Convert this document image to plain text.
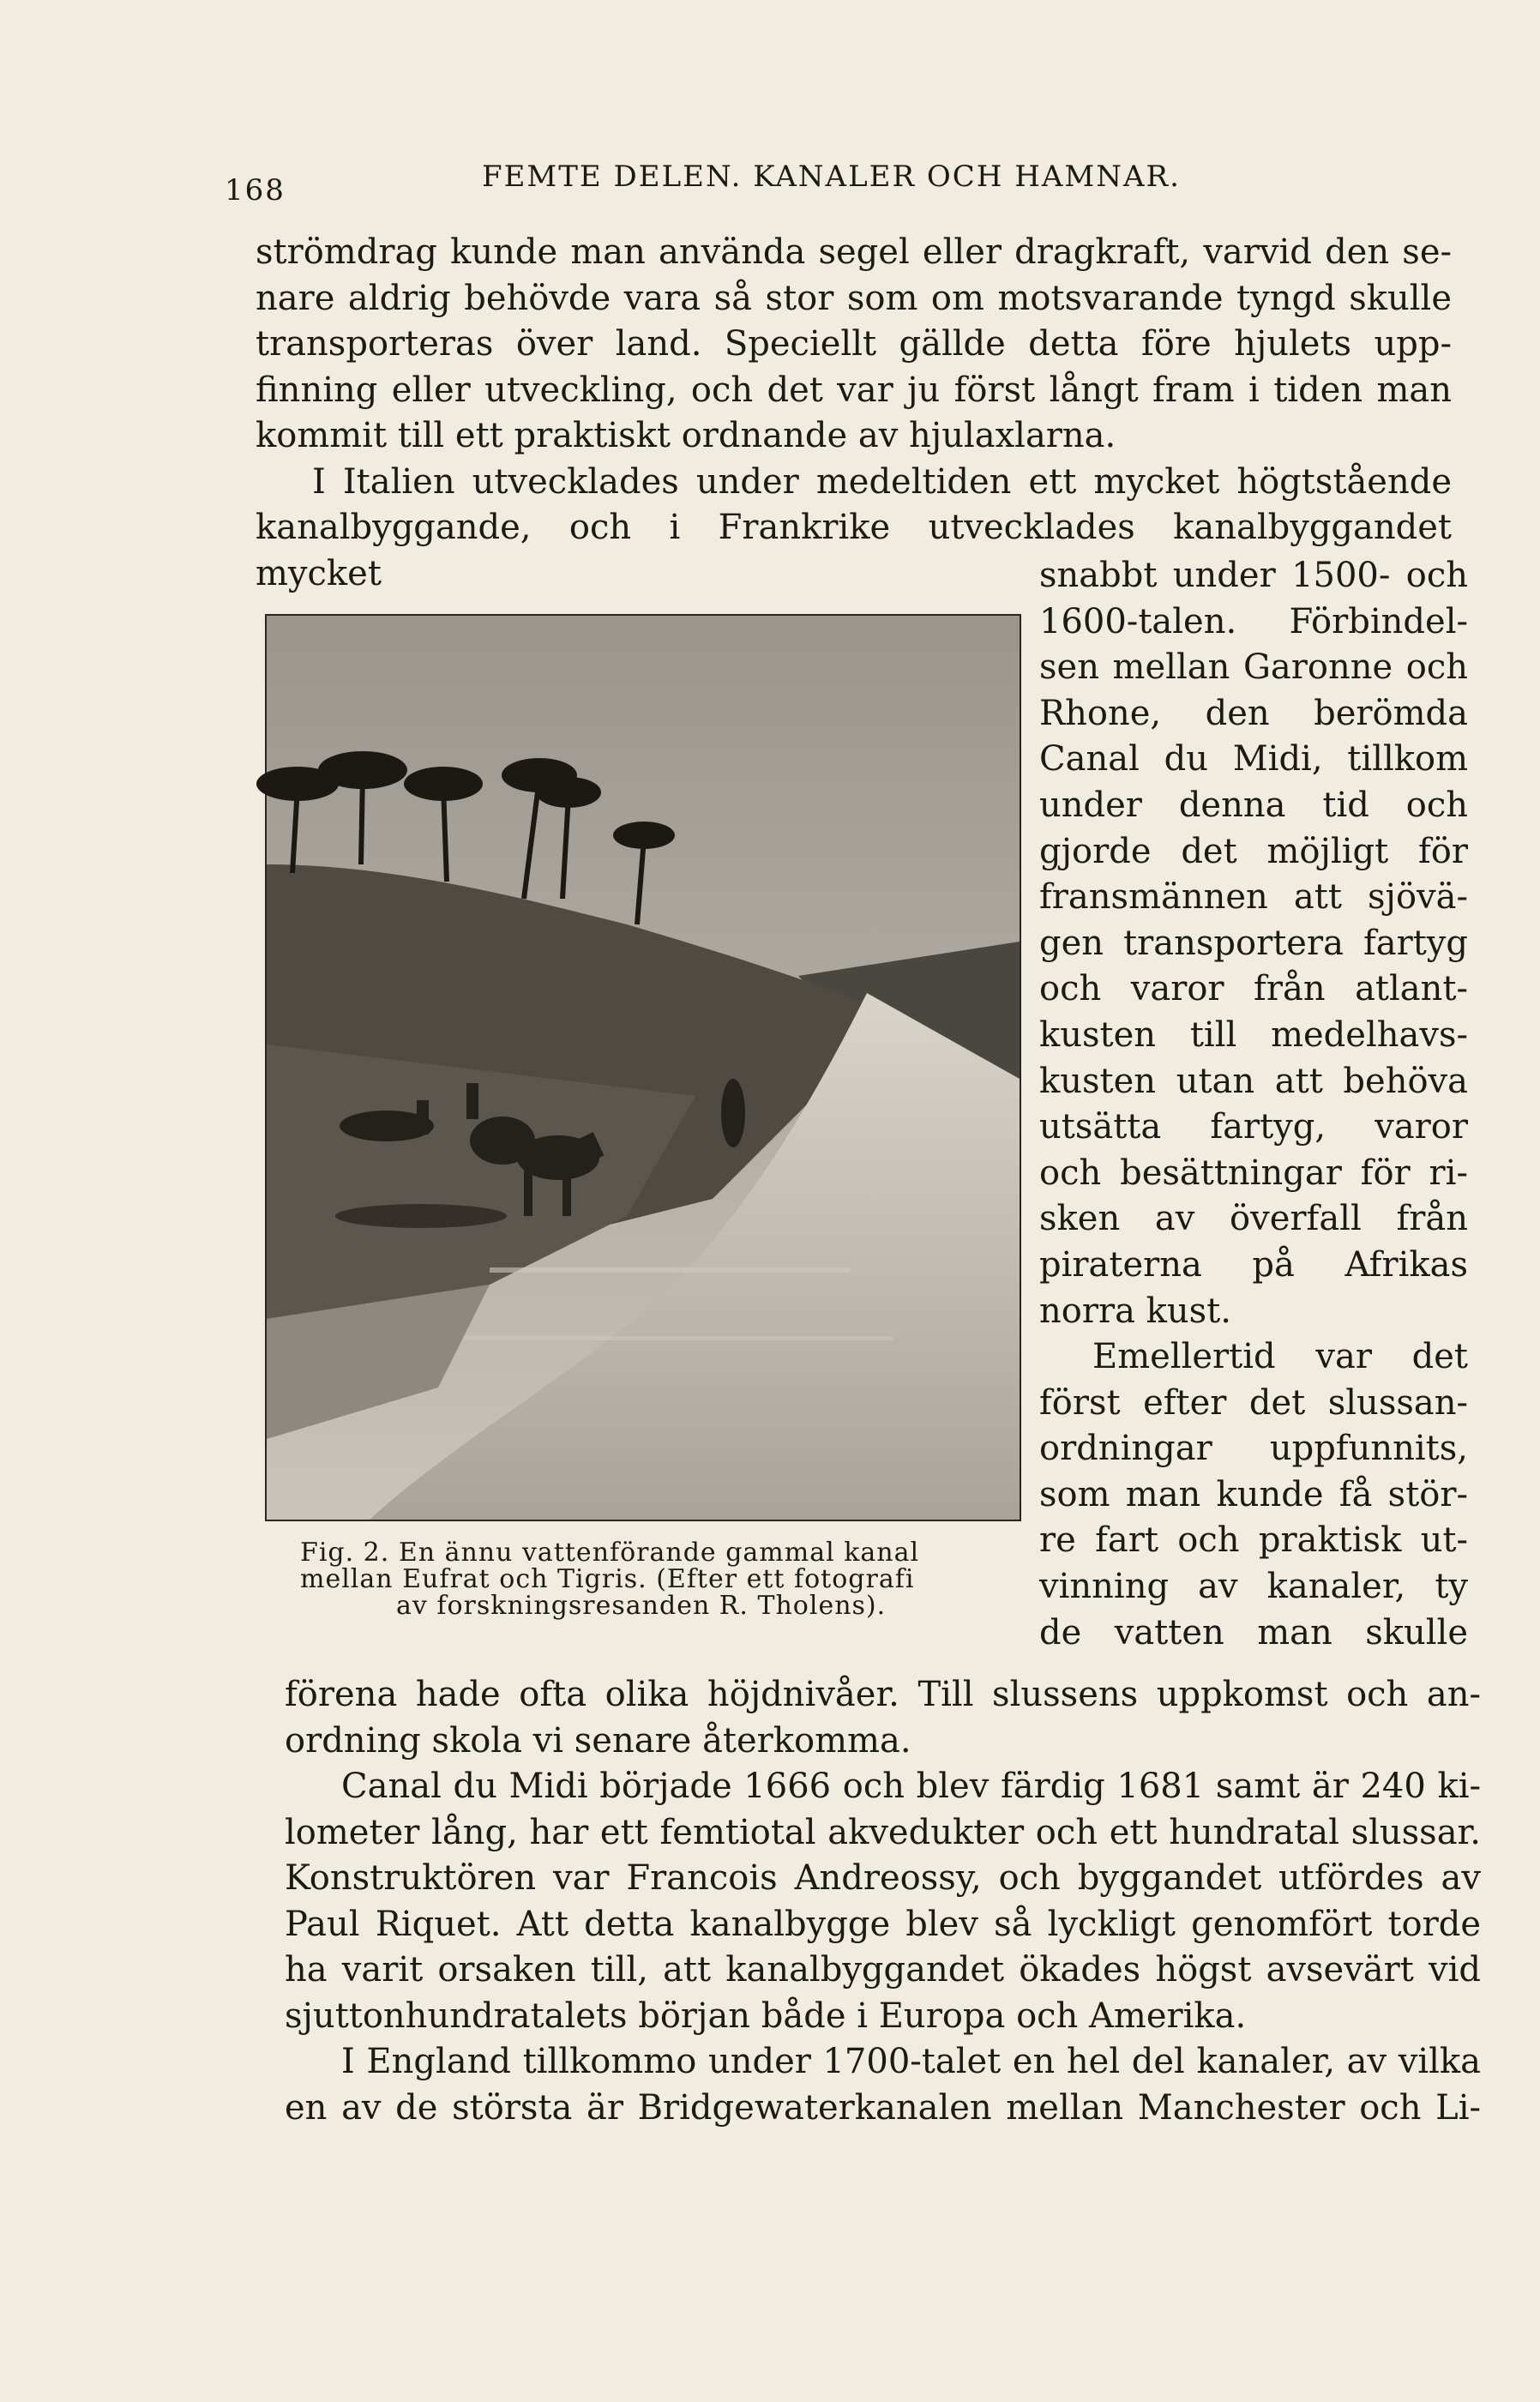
168	FEMTE DELEN. KANALER OCH HAMNAR.
strömdrag kunde man använda segel eller dragkraft, varvid den se-
nare aldrig behövde vara så stor som om motsvarande tyngd skulle
transporteras över land. Speciellt gällde detta före hjulets upp-
finning eller utveckling, och det var ju först långt fram i tiden man
kommit till ett praktiskt ordnande av hjulaxlarna.
I Italien utvecklades under medeltiden ett mycket högtstående
kanalbyggande, och i Frankrike utvecklades kanalbyggandet mycket	snabbt under 1500- och
1600-talen. Förbindel-
sen mellan Garonne och
Rhone, den berömda
Canal du Midi, tillkom
under denna tid och
gjorde det möjligt för
fransmännen att sjövä-
gen transportera fartyg
och varor från atlant-
kusten till medelhavs-
kusten utan att behöva
utsätta fartyg, varor
och besättningar för ri-
sken av överfall från
piraterna på Afrikas
norra kust.
Emellertid var det
först efter det slussan-
ordningar uppfunnits,
som man kunde få stör-
re fart och praktisk ut-
vinning av kanaler, ty
de vatten man skulle
Fig. 2. En ännu vattenförande gammal kanal
mellan Eufrat och Tigris. (Efter ett fotografi
av forskningsresanden R. Tholens).
förena hade ofta olika höjdnivåer. Till slussens uppkomst och an-
ordning skola vi senare återkomma.
Canal du Midi började 1666 och blev färdig 1681 samt är 240 ki-
lometer lång, har ett femtiotal akvedukter och ett hundratal slussar.
Konstruktören var Francois Andreossy, och byggandet utfördes av
Paul Riquet. Att detta kanalbygge blev så lyckligt genomfört torde
ha varit orsaken till, att kanalbyggandet ökades högst avsevärt vid
sjuttonhundratalets början både i Europa och Amerika.
I England tillkommo under 1700-talet en hel del kanaler, av vilka
en av de största är Bridgewaterkanalen mellan Manchester och Li-
